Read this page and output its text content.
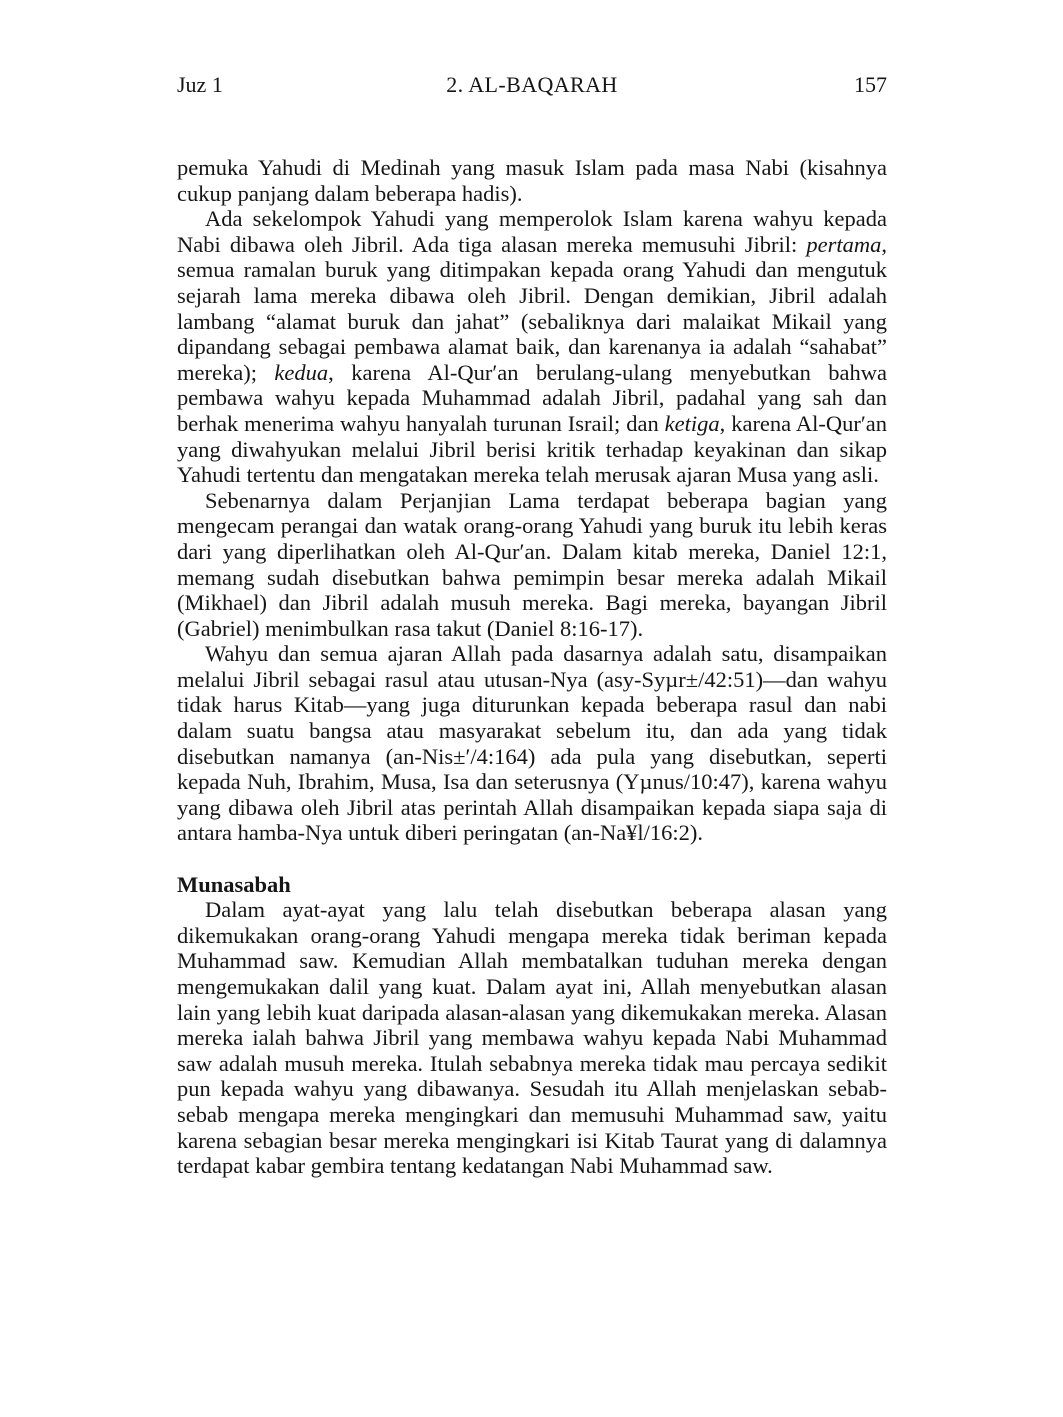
Juz 1	2. AL-BAQARAH	157

pemuka Yahudi di Medinah yang masuk Islam pada masa Nabi (kisahnya cukup panjang dalam beberapa hadis).

Ada sekelompok Yahudi yang memperolok Islam karena wahyu kepada Nabi dibawa oleh Jibril. Ada tiga alasan mereka memusuhi Jibril: pertama, semua ramalan buruk yang ditimpakan kepada orang Yahudi dan mengutuk sejarah lama mereka dibawa oleh Jibril. Dengan demikian, Jibril adalah lambang “alamat buruk dan jahat” (sebaliknya dari malaikat Mikail yang dipandang sebagai pembawa alamat baik, dan karenanya ia adalah “sahabat” mereka); kedua, karena Al-Qur′an berulang-ulang menyebutkan bahwa pembawa wahyu kepada Muhammad adalah Jibril, padahal yang sah dan berhak menerima wahyu hanyalah turunan Israil; dan ketiga, karena Al-Qur′an yang diwahyukan melalui Jibril berisi kritik terhadap keyakinan dan sikap Yahudi tertentu dan mengatakan mereka telah merusak ajaran Musa yang asli.

Sebenarnya dalam Perjanjian Lama terdapat beberapa bagian yang mengecam perangai dan watak orang-orang Yahudi yang buruk itu lebih keras dari yang diperlihatkan oleh Al-Qur′an. Dalam kitab mereka, Daniel 12:1, memang sudah disebutkan bahwa pemimpin besar mereka adalah Mikail (Mikhael) dan Jibril adalah musuh mereka. Bagi mereka, bayangan Jibril (Gabriel) menimbulkan rasa takut (Daniel 8:16-17).

Wahyu dan semua ajaran Allah pada dasarnya adalah satu, disampaikan melalui Jibril sebagai rasul atau utusan-Nya (asy-Syµr±/42:51)—dan wahyu tidak harus Kitab—yang juga diturunkan kepada beberapa rasul dan nabi dalam suatu bangsa atau masyarakat sebelum itu, dan ada yang tidak disebutkan namanya (an-Nis±′/4:164) ada pula yang disebutkan, seperti kepada Nuh, Ibrahim, Musa, Isa dan seterusnya (Yµnus/10:47), karena wahyu yang dibawa oleh Jibril atas perintah Allah disampaikan kepada siapa saja di antara hamba-Nya untuk diberi peringatan (an-Na¥l/16:2).

Munasabah

Dalam ayat-ayat yang lalu telah disebutkan beberapa alasan yang dikemukakan orang-orang Yahudi mengapa mereka tidak beriman kepada Muhammad saw. Kemudian Allah membatalkan tuduhan mereka dengan mengemukakan dalil yang kuat. Dalam ayat ini, Allah menyebutkan alasan lain yang lebih kuat daripada alasan-alasan yang dikemukakan mereka. Alasan mereka ialah bahwa Jibril yang membawa wahyu kepada Nabi Muhammad saw adalah musuh mereka. Itulah sebabnya mereka tidak mau percaya sedikit pun kepada wahyu yang dibawanya. Sesudah itu Allah menjelaskan sebab-sebab mengapa mereka mengingkari dan memusuhi Muhammad saw, yaitu karena sebagian besar mereka mengingkari isi Kitab Taurat yang di dalamnya terdapat kabar gembira tentang kedatangan Nabi Muhammad saw.
